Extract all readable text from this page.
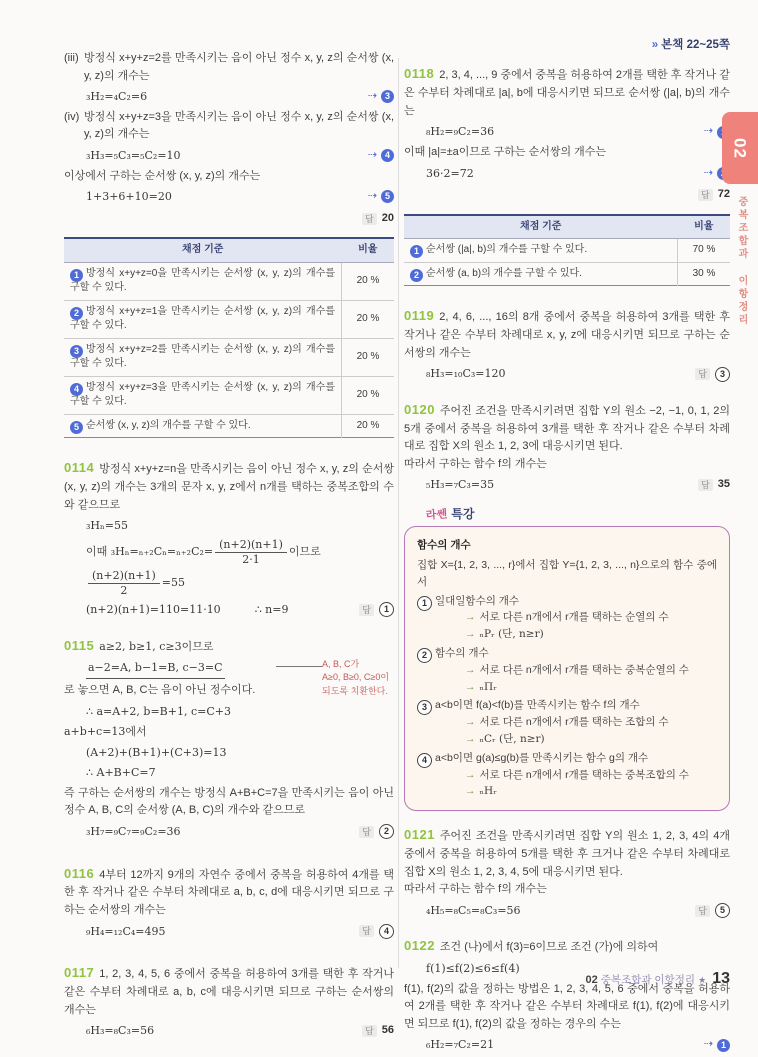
(iii) 방정식 x+y+z=2를 만족시키는 음이 아닌 정수 x, y, z의 순서쌍 (x, y, z)의 개수는

₃H₂=₄C₂=6	⇢ 3

(iv) 방정식 x+y+z=3을 만족시키는 음이 아닌 정수 x, y, z의 순서쌍 (x, y, z)의 개수는

₃H₃=₅C₃=₅C₂=10	⇢ 4

이상에서 구하는 순서쌍 (x, y, z)의 개수는

1+3+6+10=20	⇢ 5
답 20
채점 기준	비율
1 방정식 x+y+z=0을 만족시키는 순서쌍 (x, y, z)의 개수를 구할 수 있다.	20 %
2 방정식 x+y+z=1을 만족시키는 순서쌍 (x, y, z)의 개수를 구할 수 있다.	20 %
3 방정식 x+y+z=2를 만족시키는 순서쌍 (x, y, z)의 개수를 구할 수 있다.	20 %
4 방정식 x+y+z=3을 만족시키는 순서쌍 (x, y, z)의 개수를 구할 수 있다.	20 %
5 순서쌍 (x, y, z)의 개수를 구할 수 있다.	20 %

0114 방정식 x+y+z=n을 만족시키는 음이 아닌 정수 x, y, z의 순서쌍 (x, y, z)의 개수는 3개의 문자 x, y, z에서 n개를 택하는 중복조합의 수와 같으므로

₃Hₙ=55
이때 $_3H_n=_{n+2}C_n=_{n+2}C_2= \frac{(n+2)(n+1)}{2\cdot 1}$ 이므로
$\frac{(n+2)(n+1)}{2} =55$
(n+2)(n+1)=110=11·10	∴ n=9	답	1

0115 a≥2, b≥1, c≥3이므로

a−2=A, b−1=B, c−3=C	A, B, C가
A≥0, B≥0, C≥0이
되도록 치환한다.

로 놓으면 A, B, C는 음이 아닌 정수이다.

∴ a=A+2, b=B+1, c=C+3

a+b+c=13에서

(A+2)+(B+1)+(C+3)=13
∴ A+B+C=7

즉 구하는 순서쌍의 개수는 방정식 A+B+C=7을 만족시키는 음이 아닌 정수 A, B, C의 순서쌍 (A, B, C)의 개수와 같으므로

₃H₇=₉C₇=₉C₂=36	답	2

0116 4부터 12까지 9개의 자연수 중에서 중복을 허용하여 4개를 택한 후 작거나 같은 수부터 차례대로 a, b, c, d에 대응시키면 되므로 구하는 순서쌍의 개수는

₉H₄=₁₂C₄=495	답	4

0117 1, 2, 3, 4, 5, 6 중에서 중복을 허용하여 3개를 택한 후 작거나 같은 수부터 차례대로 a, b, c에 대응시키면 되므로 구하는 순서쌍의 개수는

₆H₃=₈C₃=56	답 56
» 본책 22~25쪽

0118 2, 3, 4, ..., 9 중에서 중복을 허용하여 2개를 택한 후 작거나 같은 수부터 차례대로 |a|, b에 대응시키면 되므로 순서쌍 (|a|, b)의 개수는

₈H₂=₉C₂=36	⇢

이때 |a|=±a이므로 구하는 순서쌍의 개수는

36·2=72	⇢
답 72
채점 기준	비율
1 순서쌍 (|a|, b)의 개수를 구할 수 있다.	70 %
2 순서쌍 (a, b)의 개수를 구할 수 있다.	30 %

0119 2, 4, 6, ..., 16의 8개 중에서 중복을 허용하여 3개를 택한 후 작거나 같은 수부터 차례대로 x, y, z에 대응시키면 되므로 구하는 순서쌍의 개수는

₈H₃=₁₀C₃=120	답	3

0120 주어진 조건을 만족시키려면 집합 Y의 원소 −2, −1, 0, 1, 2의 5개 중에서 중복을 허용하여 3개를 택한 후 작거나 같은 수부터 차례대로 집합 X의 원소 1, 2, 3에 대응시키면 된다.

따라서 구하는 함수 f의 개수는

₅H₃=₇C₃=35	답 35
라쎈 특강
함수의 개수

집합 X={1, 2, 3, ..., r}에서 집합 Y={1, 2, 3, ..., n}으로의 함수 중에서

1 일대일함수의 개수
→ 서로 다른 n개에서 r개를 택하는 순열의 수
→ ₙPᵣ (단, n≥r)
2 함수의 개수
→ 서로 다른 n개에서 r개를 택하는 중복순열의 수
→ ₙΠᵣ
3 a<b이면 f(a)<f(b)를 만족시키는 함수 f의 개수
→ 서로 다른 n개에서 r개를 택하는 조합의 수
→ ₙCᵣ (단, n≥r)
4 a<b이면 g(a)≤g(b)를 만족시키는 함수 g의 개수
→ 서로 다른 n개에서 r개를 택하는 중복조합의 수
→ ₙHᵣ

0121 주어진 조건을 만족시키려면 집합 Y의 원소 1, 2, 3, 4의 4개 중에서 중복을 허용하여 5개를 택한 후 크거나 같은 수부터 차례대로 집합 X의 원소 1, 2, 3, 4, 5에 대응시키면 된다.

따라서 구하는 함수 f의 개수는

₄H₅=₈C₅=₈C₃=56	답	5

0122 조건 (나)에서 f(3)=6이므로 조건 (가)에 의하여

f(1)≤f(2)≤6≤f(4)

f(1), f(2)의 값을 정하는 방법은 1, 2, 3, 4, 5, 6 중에서 중복을 허용하여 2개를 택한 후 작거나 같은 수부터 차례대로 f(1), f(2)에 대응시키면 되므로 f(1), f(2)의 값을 정하는 경우의 수는

₆H₂=₇C₂=21	⇢ 1
02
중복조합과 이항정리
02 중복조합과 이항정리 ★ 13
